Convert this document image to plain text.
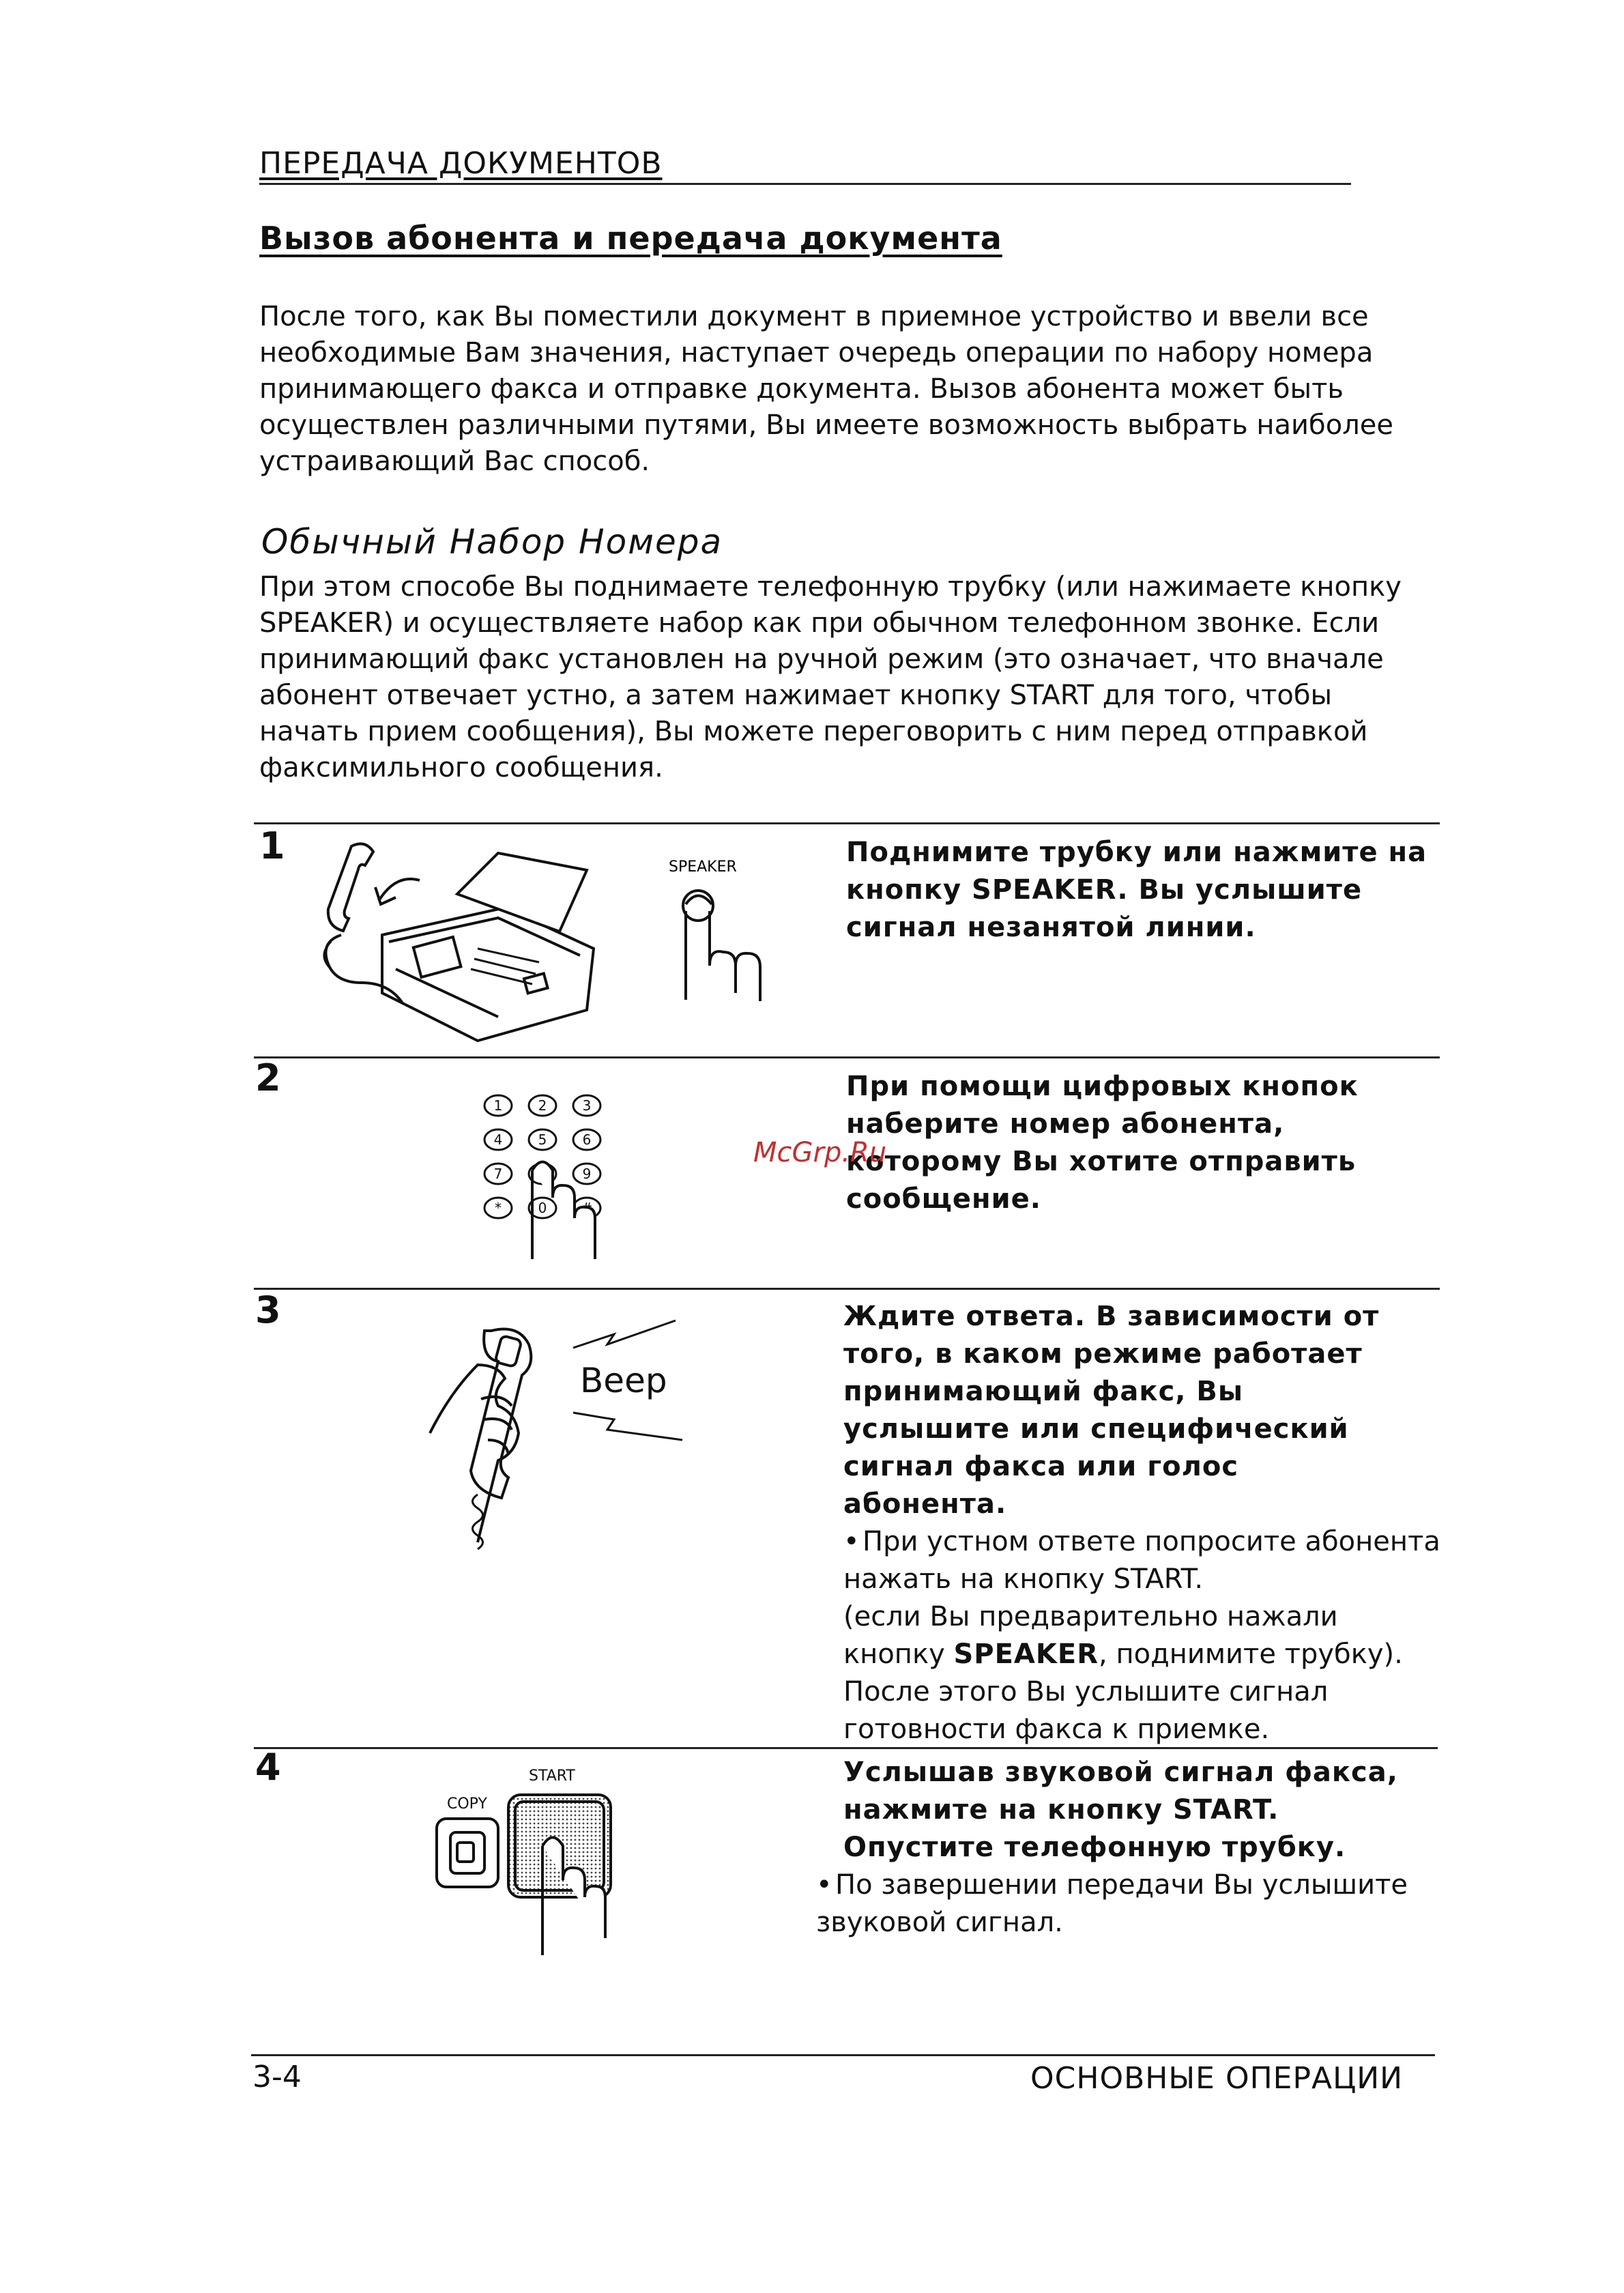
ПЕРЕДАЧА ДОКУМЕНТОВ
Вызов абонента и передача документа
После того, как Вы поместили документ в приемное устройство и ввели все необходимые Вам значения, наступает очередь операции по набору номера принимающего факса и отправке документа. Вызов абонента может быть осуществлен различными путями, Вы имеете возможность выбрать наиболее устраивающий Вас способ.
Обычный Набор Номера
При этом способе Вы поднимаете телефонную трубку (или нажимаете кнопку SPEAKER) и осуществляете набор как при обычном телефонном звонке. Если принимающий факс установлен на ручной режим (это означает, что вначале абонент отвечает устно, а затем нажимает кнопку START для того, чтобы начать прием сообщения), Вы можете переговорить с ним перед отправкой факсимильного сообщения.
1	SPEAKER	Поднимите трубку или нажмите на кнопку SPEAKER. Вы услышите сигнал незанятой линии.
2
1	2	3
4	5	6
7	9
*	0
При помощи цифровых кнопок наберите номер абонента, которому Вы хотите отправить сообщение.
3
Beep
Ждите ответа. В зависимости от того, в каком режиме работает принимающий факс, Вы услышите или специфический сигнал факса или голос абонента.
• При устном ответе попросите абонента нажать на кнопку START.
(если Вы предварительно нажали кнопку SPEAKER, поднимите трубку). После этого Вы услышите сигнал готовности факса к приемке.
4
COPY
START	Услышав звуковой сигнал факса, нажмите на кнопку START. Опустите телефонную трубку.
• По завершении передачи Вы услышите звуковой сигнал.
McGrp.Ru
3-4	ОСНОВНЫЕ ОПЕРАЦИИ
